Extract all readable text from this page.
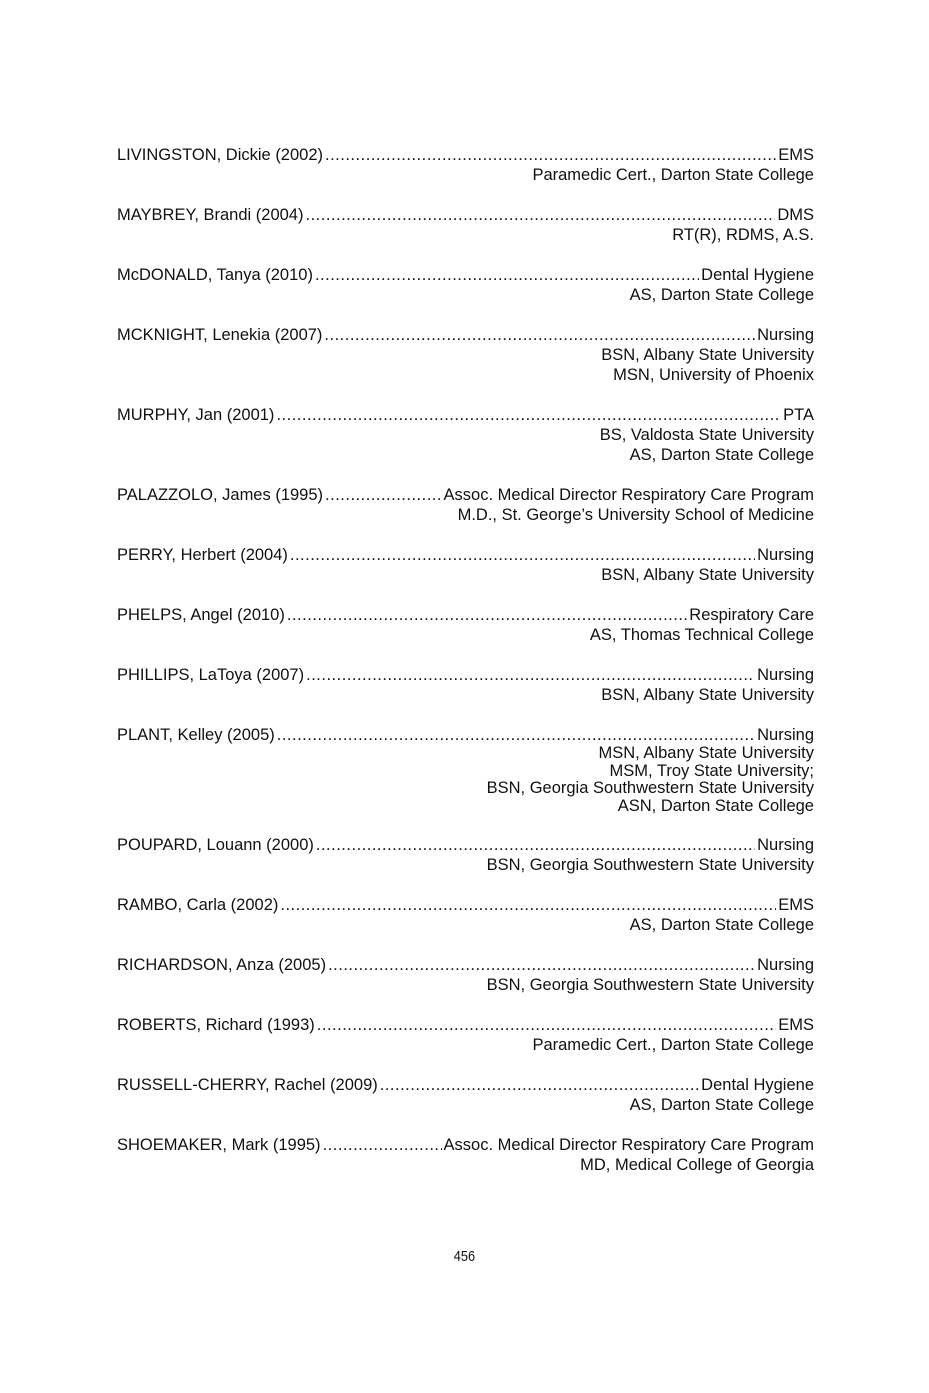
LIVINGSTON, Dickie (2002) .....	EMS
Paramedic Cert., Darton State College
MAYBREY, Brandi (2004) .....	DMS
RT(R), RDMS, A.S.
McDONALD, Tanya (2010) .....	Dental Hygiene
AS, Darton State College
MCKNIGHT, Lenekia (2007) .....	Nursing
BSN, Albany State University
MSN, University of Phoenix
MURPHY, Jan (2001) .....	PTA
BS, Valdosta State University
AS, Darton State College
PALAZZOLO, James (1995) .....	Assoc. Medical Director Respiratory Care Program
M.D., St. George’s University School of Medicine
PERRY, Herbert (2004) .....	Nursing
BSN, Albany State University
PHELPS, Angel (2010) .....	Respiratory Care
AS, Thomas Technical College
PHILLIPS, LaToya (2007) .....	Nursing
BSN, Albany State University
PLANT, Kelley (2005) .....	Nursing
MSN, Albany State University
MSM, Troy State University;
BSN, Georgia Southwestern State University
ASN, Darton State College
POUPARD, Louann (2000) .....	Nursing
BSN, Georgia Southwestern State University
RAMBO, Carla (2002) .....	EMS
AS, Darton State College
RICHARDSON, Anza (2005) .....	Nursing
BSN, Georgia Southwestern State University
ROBERTS, Richard (1993) .....	EMS
Paramedic Cert., Darton State College
RUSSELL-CHERRY, Rachel (2009) .....	Dental Hygiene
AS, Darton State College
SHOEMAKER, Mark (1995) .....	Assoc. Medical Director Respiratory Care Program
MD, Medical College of Georgia
456
